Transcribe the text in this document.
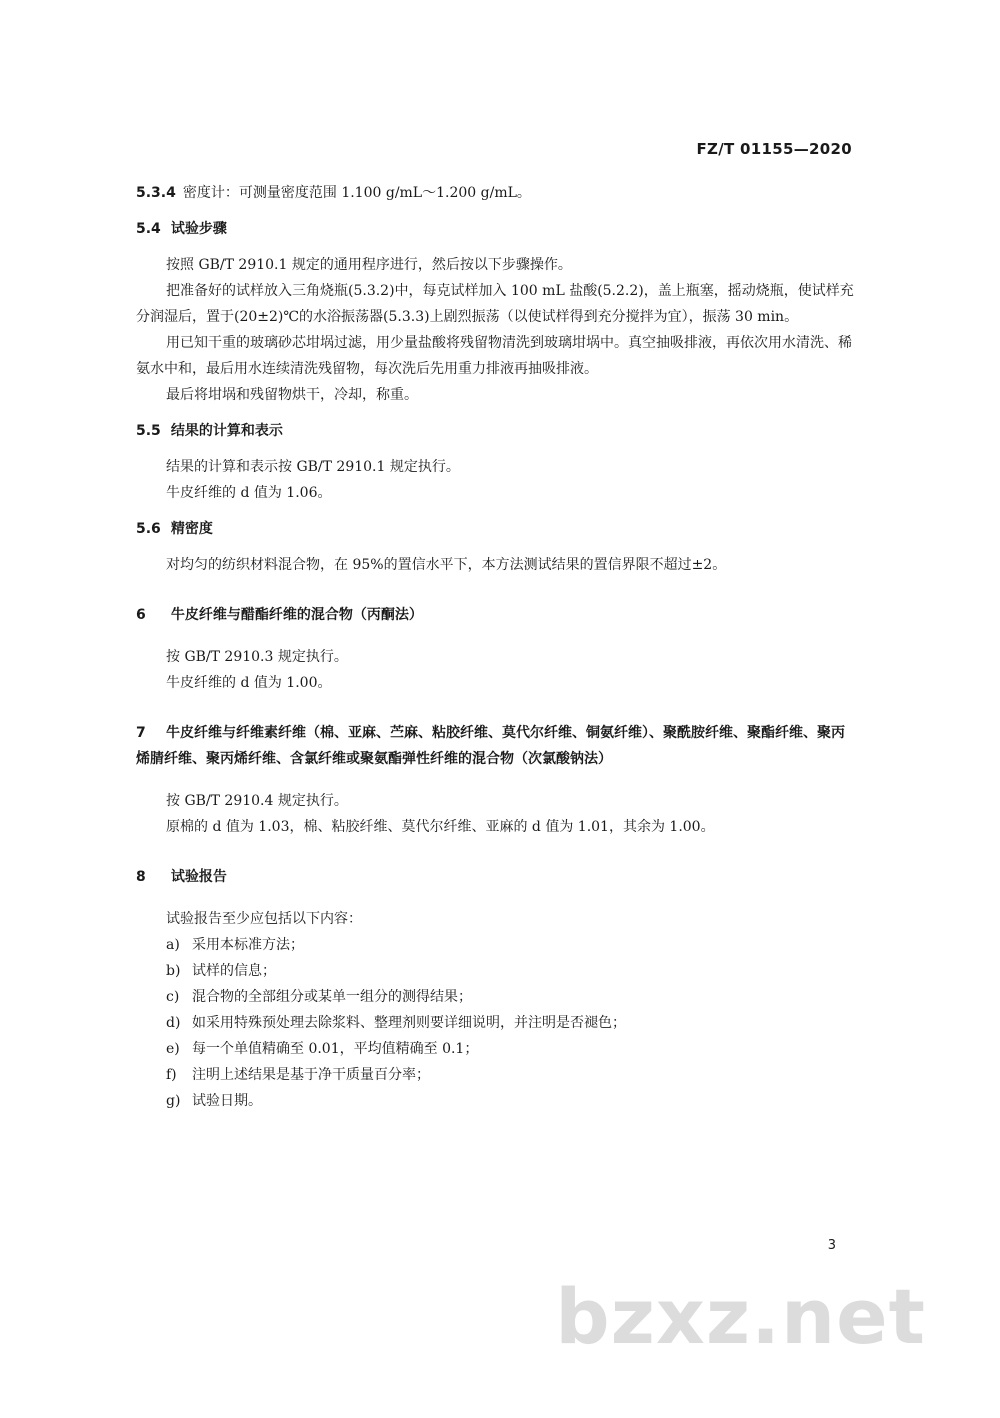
FZ/T 01155—2020

5.3.4 密度计：可测量密度范围 1.100 g/mL～1.200 g/mL。

5.4 试验步骤

按照 GB/T 2910.1 规定的通用程序进行，然后按以下步骤操作。

把准备好的试样放入三角烧瓶(5.3.2)中，每克试样加入 100 mL 盐酸(5.2.2)，盖上瓶塞，摇动烧瓶，使试样充分润湿后，置于(20±2)℃的水浴振荡器(5.3.3)上剧烈振荡（以使试样得到充分搅拌为宜），振荡 30 min。

用已知干重的玻璃砂芯坩埚过滤，用少量盐酸将残留物清洗到玻璃坩埚中。真空抽吸排液，再依次用水清洗、稀氨水中和，最后用水连续清洗残留物，每次洗后先用重力排液再抽吸排液。

最后将坩埚和残留物烘干，冷却，称重。

5.5 结果的计算和表示

结果的计算和表示按 GB/T 2910.1 规定执行。

牛皮纤维的 d 值为 1.06。

5.6 精密度

对均匀的纺织材料混合物，在 95%的置信水平下，本方法测试结果的置信界限不超过±2。

6 牛皮纤维与醋酯纤维的混合物（丙酮法）

按 GB/T 2910.3 规定执行。

牛皮纤维的 d 值为 1.00。

7 牛皮纤维与纤维素纤维（棉、亚麻、苎麻、粘胶纤维、莫代尔纤维、铜氨纤维）、聚酰胺纤维、聚酯纤维、聚丙烯腈纤维、聚丙烯纤维、含氯纤维或聚氨酯弹性纤维的混合物（次氯酸钠法）

按 GB/T 2910.4 规定执行。

原棉的 d 值为 1.03，棉、粘胶纤维、莫代尔纤维、亚麻的 d 值为 1.01，其余为 1.00。

8 试验报告

试验报告至少应包括以下内容：

a) 采用本标准方法；

b) 试样的信息；

c) 混合物的全部组分或某单一组分的测得结果；

d) 如采用特殊预处理去除浆料、整理剂则要详细说明，并注明是否褪色；

e) 每一个单值精确至 0.01，平均值精确至 0.1；

f) 注明上述结果是基于净干质量百分率；

g) 试验日期。

3
bzxz.net
